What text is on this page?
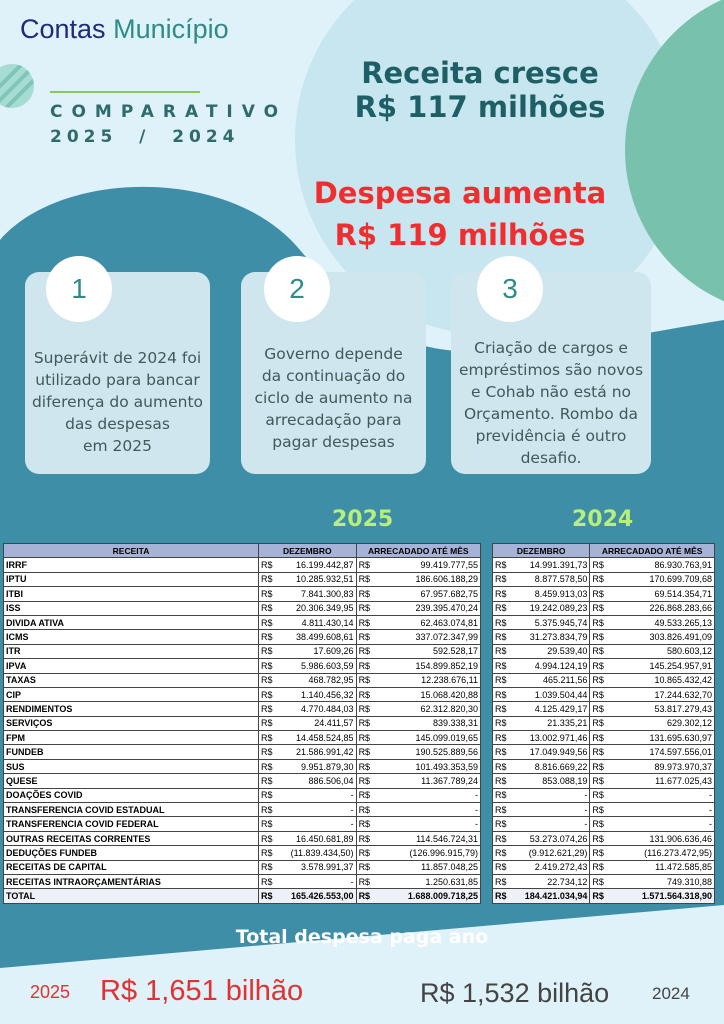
Contas Município
COMPARATIVO
2025  /  2024
Receita cresce
R$ 117 milhões
Despesa aumenta
R$ 119 milhões
1
Superávit de 2024 foi
utilizado para bancar
diferença do aumento
das despesas
em 2025
2
Governo depende
da continuação do
ciclo de aumento na
arrecadação para
pagar despesas
3
Criação de cargos e
empréstimos são novos
e Cohab não está no
Orçamento. Rombo da
previdência é outro
desafio.
2025	2024
RECEITA	DEZEMBRO		ARRECADADO ATÉ MÊS	
IRRF	R$	16.199.442,87	R$	99.419.777,55
IPTU	R$	10.285.932,51	R$	186.606.188,29
ITBI	R$	7.841.300,83	R$	67.957.682,75
ISS	R$	20.306.349,95	R$	239.395.470,24
DIVIDA ATIVA	R$	4.811.430,14	R$	62.463.074,81
ICMS	R$	38.499.608,61	R$	337.072.347,99
ITR	R$	17.609,26	R$	592.528,17
IPVA	R$	5.986.603,59	R$	154.899.852,19
TAXAS	R$	468.782,95	R$	12.238.676,11
CIP	R$	1.140.456,32	R$	15.068.420,88
RENDIMENTOS	R$	4.770.484,03	R$	62.312.820,30
SERVIÇOS	R$	24.411,57	R$	839.338,31
FPM	R$	14.458.524,85	R$	145.099.019,65
FUNDEB	R$	21.586.991,42	R$	190.525.889,56
SUS	R$	9.951.879,30	R$	101.493.353,59
QUESE	R$	886.506,04	R$	11.367.789,24
DOAÇÕES COVID	R$	-	R$	-
TRANSFERENCIA COVID ESTADUAL	R$	-	R$	-
TRANSFERENCIA COVID FEDERAL	R$	-	R$	-
OUTRAS RECEITAS CORRENTES	R$	16.450.681,89	R$	114.546.724,31
DEDUÇÕES FUNDEB	R$	(11.839.434,50)	R$	(126.996.915,79)
RECEITAS DE CAPITAL	R$	3.578.991,37	R$	11.857.048,25
RECEITAS INTRAORÇAMENTÁRIAS	R$	-	R$	1.250.631,85
TOTAL	R$	165.426.553,00	R$	1.688.009.718,25
DEZEMBRO		ARRECADADO ATÉ MÊS	
R$	14.991.391,73	R$	86.930.763,91
R$	8.877.578,50	R$	170.699.709,68
R$	8.459.913,03	R$	69.514.354,71
R$	19.242.089,23	R$	226.868.283,66
R$	5.375.945,74	R$	49.533.265,13
R$	31.273.834,79	R$	303.826.491,09
R$	29.539,40	R$	580.603,12
R$	4.994.124,19	R$	145.254.957,91
R$	465.211,56	R$	10.865.432,42
R$	1.039.504,44	R$	17.244.632,70
R$	4.125.429,17	R$	53.817.279,43
R$	21.335,21	R$	629.302,12
R$	13.002.971,46	R$	131.695.630,97
R$	17.049.949,56	R$	174.597.556,01
R$	8.816.669,22	R$	89.973.970,37
R$	853.088,19	R$	11.677.025,43
R$	-	R$	-
R$	-	R$	-
R$	-	R$	-
R$	53.273.074,26	R$	131.906.636,46
R$	(9.912.621,29)	R$	(116.273.472,95)
R$	2.419.272,43	R$	11.472.585,85
R$	22.734,12	R$	749.310,88
R$	184.421.034,94	R$	1.571.564.318,90
Total despesa paga ano
2025 R$ 1,651 bilhão	R$ 1,532 bilhão	2024
